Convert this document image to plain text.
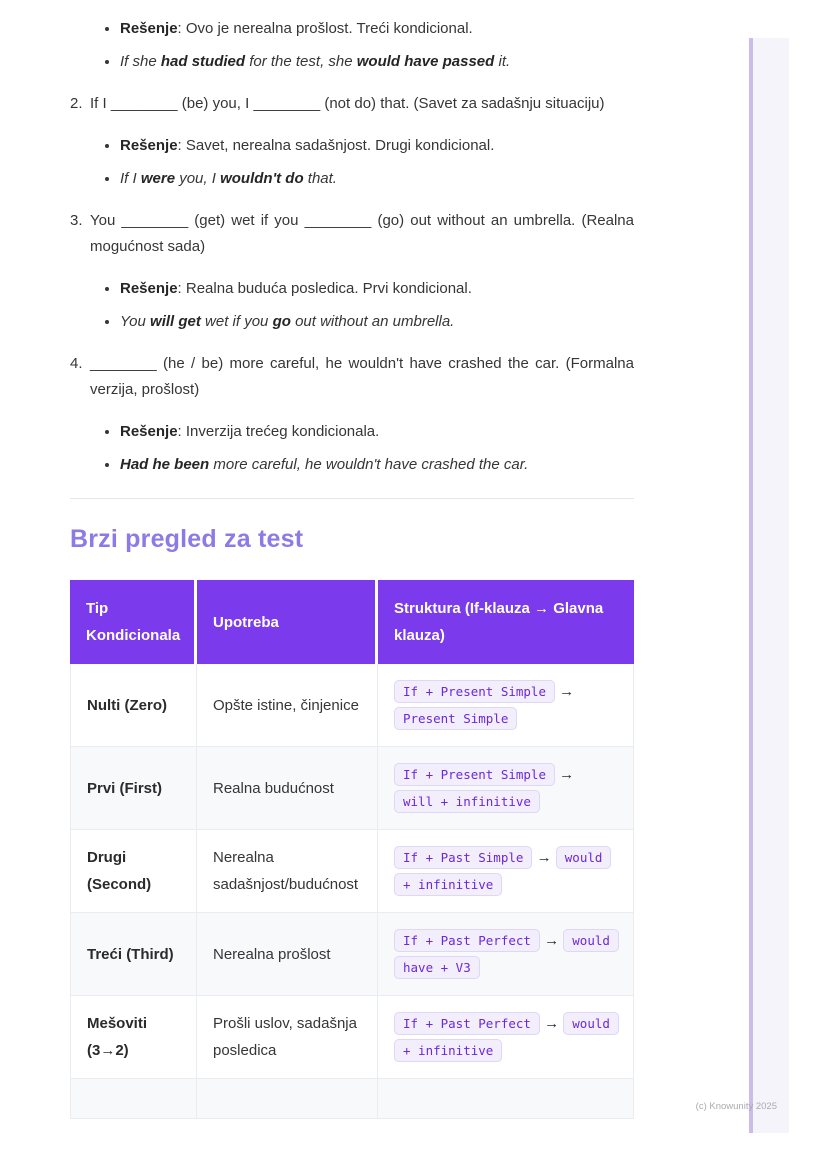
• Rešenje: Ovo je nerealna prošlost. Treći kondicional.
• If she had studied for the test, she would have passed it.
2. If I ________ (be) you, I ________ (not do) that. (Savet za sadašnju situaciju)
• Rešenje: Savet, nerealna sadašnjost. Drugi kondicional.
• If I were you, I wouldn't do that.
3. You ________ (get) wet if you ________ (go) out without an umbrella. (Realna mogućnost sada)
• Rešenje: Realna buduća posledica. Prvi kondicional.
• You will get wet if you go out without an umbrella.
4. ________ (he / be) more careful, he wouldn't have crashed the car. (Formalna verzija, prošlost)
• Rešenje: Inverzija trećeg kondicionala.
• Had he been more careful, he wouldn't have crashed the car.
Brzi pregled za test
Tip Kondicionala	Upotreba	Struktura (If-klauza → Glavna klauza)
Nulti (Zero)	Opšte istine, činjenice	If + Present Simple → Present Simple
Prvi (First)	Realna budućnost	If + Present Simple → will + infinitive
Drugi (Second)	Nerealna sadašnjost/budućnost	If + Past Simple → would + infinitive
Treći (Third)	Nerealna prošlost	If + Past Perfect → would have + V3
Mešoviti (3→2)	Prošli uslov, sadašnja posledica	If + Past Perfect → would + infinitive

(c) Knowunity 2025
